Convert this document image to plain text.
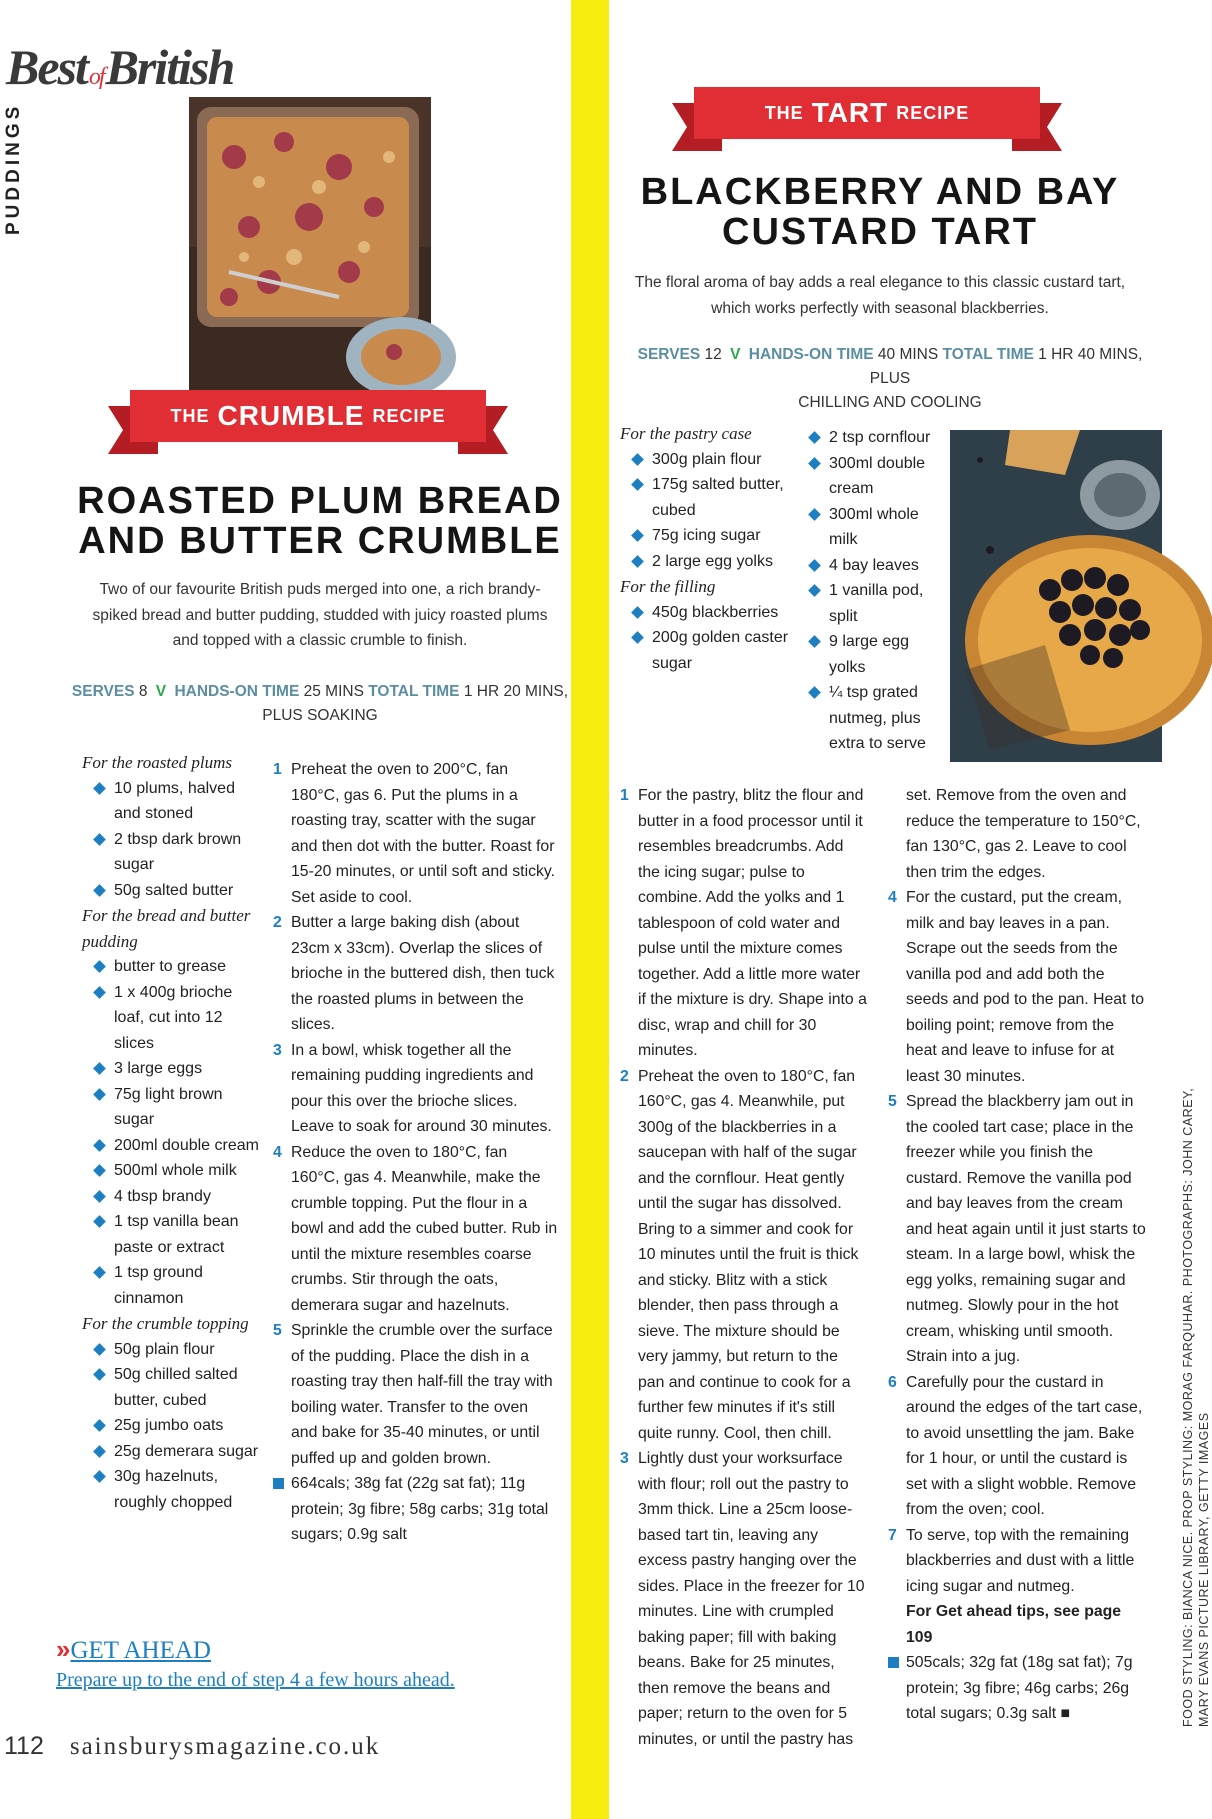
BestofBritish
PUDDINGS
THE CRUMBLE RECIPE
ROASTED PLUM BREAD
AND BUTTER CRUMBLE
Two of our favourite British puds merged into one, a rich brandy-spiked bread and butter pudding, studded with juicy roasted plums and topped with a classic crumble to finish.
SERVES 8 V HANDS-ON TIME 25 MINS TOTAL TIME 1 HR 20 MINS,
PLUS SOAKING
For the roasted plums
10 plums, halved and stoned
2 tbsp dark brown sugar
50g salted butter
For the bread and butter pudding
butter to grease
1 x 400g brioche loaf, cut into 12 slices
3 large eggs
75g light brown sugar
200ml double cream
500ml whole milk
4 tbsp brandy
1 tsp vanilla bean paste or extract
1 tsp ground cinnamon
For the crumble topping
50g plain flour
50g chilled salted butter, cubed
25g jumbo oats
25g demerara sugar
30g hazelnuts, roughly chopped
1 Preheat the oven to 200°C, fan 180°C, gas 6. Put the plums in a roasting tray, scatter with the sugar and then dot with the butter. Roast for 15-20 minutes, or until soft and sticky. Set aside to cool.
2 Butter a large baking dish (about 23cm x 33cm). Overlap the slices of brioche in the buttered dish, then tuck the roasted plums in between the slices.
3 In a bowl, whisk together all the remaining pudding ingredients and pour this over the brioche slices. Leave to soak for around 30 minutes.
4 Reduce the oven to 180°C, fan 160°C, gas 4. Meanwhile, make the crumble topping. Put the flour in a bowl and add the cubed butter. Rub in until the mixture resembles coarse crumbs. Stir through the oats, demerara sugar and hazelnuts.
5 Sprinkle the crumble over the surface of the pudding. Place the dish in a roasting tray then half-fill the tray with boiling water. Transfer to the oven and bake for 35-40 minutes, or until puffed up and golden brown.
664cals; 38g fat (22g sat fat); 11g protein; 3g fibre; 58g carbs; 31g total sugars; 0.9g salt
»GET AHEAD
Prepare up to the end of step 4 a few hours ahead.
THE TART RECIPE
BLACKBERRY AND BAY
CUSTARD TART
The floral aroma of bay adds a real elegance to this classic custard tart, which works perfectly with seasonal blackberries.
SERVES 12 V HANDS-ON TIME 40 MINS TOTAL TIME 1 HR 40 MINS, PLUS
CHILLING AND COOLING
For the pastry case
300g plain flour
175g salted butter, cubed
75g icing sugar
2 large egg yolks
For the filling
450g blackberries
200g golden caster sugar
2 tsp cornflour
300ml double cream
300ml whole milk
4 bay leaves
1 vanilla pod, split
9 large egg yolks
¼ tsp grated nutmeg, plus extra to serve
1 For the pastry, blitz the flour and butter in a food processor until it resembles breadcrumbs. Add the icing sugar; pulse to combine. Add the yolks and 1 tablespoon of cold water and pulse until the mixture comes together. Add a little more water if the mixture is dry. Shape into a disc, wrap and chill for 30 minutes.
2 Preheat the oven to 180°C, fan 160°C, gas 4. Meanwhile, put 300g of the blackberries in a saucepan with half of the sugar and the cornflour. Heat gently until the sugar has dissolved. Bring to a simmer and cook for 10 minutes until the fruit is thick and sticky. Blitz with a stick blender, then pass through a sieve. The mixture should be very jammy, but return to the pan and continue to cook for a further few minutes if it's still quite runny. Cool, then chill.
3 Lightly dust your worksurface with flour; roll out the pastry to 3mm thick. Line a 25cm loose-based tart tin, leaving any excess pastry hanging over the sides. Place in the freezer for 10 minutes. Line with crumpled baking paper; fill with baking beans. Bake for 25 minutes, then remove the beans and paper; return to the oven for 5 minutes, or until the pastry has
set. Remove from the oven and reduce the temperature to 150°C, fan 130°C, gas 2. Leave to cool then trim the edges.
4 For the custard, put the cream, milk and bay leaves in a pan. Scrape out the seeds from the vanilla pod and add both the seeds and pod to the pan. Heat to boiling point; remove from the heat and leave to infuse for at least 30 minutes.
5 Spread the blackberry jam out in the cooled tart case; place in the freezer while you finish the custard. Remove the vanilla pod and bay leaves from the cream and heat again until it just starts to steam. In a large bowl, whisk the egg yolks, remaining sugar and nutmeg. Slowly pour in the hot cream, whisking until smooth. Strain into a jug.
6 Carefully pour the custard in around the edges of the tart case, to avoid unsettling the jam. Bake for 1 hour, or until the custard is set with a slight wobble. Remove from the oven; cool.
7 To serve, top with the remaining blackberries and dust with a little icing sugar and nutmeg.
For Get ahead tips, see page 109
505cals; 32g fat (18g sat fat); 7g protein; 3g fibre; 46g carbs; 26g total sugars; 0.3g salt ■
112 sainsburysmagazine.co.uk
FOOD STYLING: BIANCA NICE. PROP STYLING: MORAG FARQUHAR. PHOTOGRAPHS: JOHN CAREY, MARY EVANS PICTURE LIBRARY, GETTY IMAGES
